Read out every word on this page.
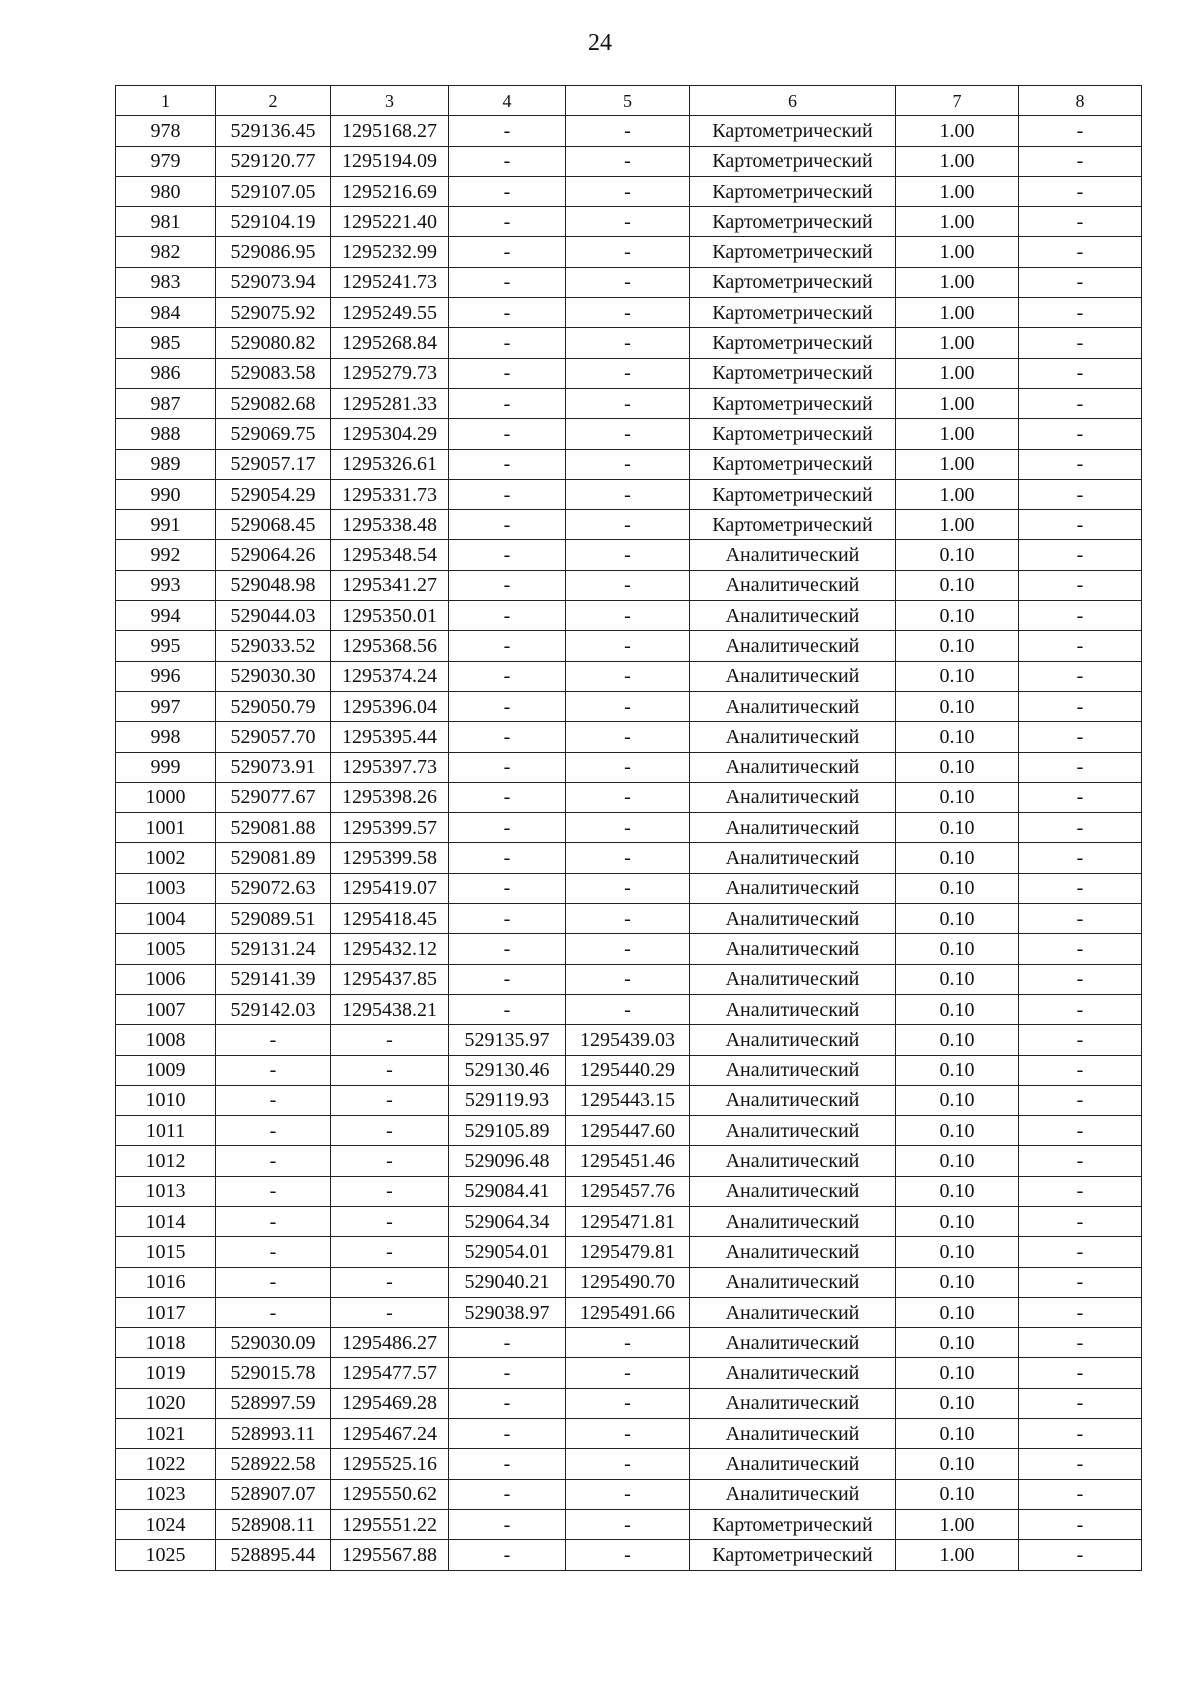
24
1	2	3	4	5	6	7	8
978	529136.45	1295168.27	-	-	Картометрический	1.00	-
979	529120.77	1295194.09	-	-	Картометрический	1.00	-
980	529107.05	1295216.69	-	-	Картометрический	1.00	-
981	529104.19	1295221.40	-	-	Картометрический	1.00	-
982	529086.95	1295232.99	-	-	Картометрический	1.00	-
983	529073.94	1295241.73	-	-	Картометрический	1.00	-
984	529075.92	1295249.55	-	-	Картометрический	1.00	-
985	529080.82	1295268.84	-	-	Картометрический	1.00	-
986	529083.58	1295279.73	-	-	Картометрический	1.00	-
987	529082.68	1295281.33	-	-	Картометрический	1.00	-
988	529069.75	1295304.29	-	-	Картометрический	1.00	-
989	529057.17	1295326.61	-	-	Картометрический	1.00	-
990	529054.29	1295331.73	-	-	Картометрический	1.00	-
991	529068.45	1295338.48	-	-	Картометрический	1.00	-
992	529064.26	1295348.54	-	-	Аналитический	0.10	-
993	529048.98	1295341.27	-	-	Аналитический	0.10	-
994	529044.03	1295350.01	-	-	Аналитический	0.10	-
995	529033.52	1295368.56	-	-	Аналитический	0.10	-
996	529030.30	1295374.24	-	-	Аналитический	0.10	-
997	529050.79	1295396.04	-	-	Аналитический	0.10	-
998	529057.70	1295395.44	-	-	Аналитический	0.10	-
999	529073.91	1295397.73	-	-	Аналитический	0.10	-
1000	529077.67	1295398.26	-	-	Аналитический	0.10	-
1001	529081.88	1295399.57	-	-	Аналитический	0.10	-
1002	529081.89	1295399.58	-	-	Аналитический	0.10	-
1003	529072.63	1295419.07	-	-	Аналитический	0.10	-
1004	529089.51	1295418.45	-	-	Аналитический	0.10	-
1005	529131.24	1295432.12	-	-	Аналитический	0.10	-
1006	529141.39	1295437.85	-	-	Аналитический	0.10	-
1007	529142.03	1295438.21	-	-	Аналитический	0.10	-
1008	-	-	529135.97	1295439.03	Аналитический	0.10	-
1009	-	-	529130.46	1295440.29	Аналитический	0.10	-
1010	-	-	529119.93	1295443.15	Аналитический	0.10	-
1011	-	-	529105.89	1295447.60	Аналитический	0.10	-
1012	-	-	529096.48	1295451.46	Аналитический	0.10	-
1013	-	-	529084.41	1295457.76	Аналитический	0.10	-
1014	-	-	529064.34	1295471.81	Аналитический	0.10	-
1015	-	-	529054.01	1295479.81	Аналитический	0.10	-
1016	-	-	529040.21	1295490.70	Аналитический	0.10	-
1017	-	-	529038.97	1295491.66	Аналитический	0.10	-
1018	529030.09	1295486.27	-	-	Аналитический	0.10	-
1019	529015.78	1295477.57	-	-	Аналитический	0.10	-
1020	528997.59	1295469.28	-	-	Аналитический	0.10	-
1021	528993.11	1295467.24	-	-	Аналитический	0.10	-
1022	528922.58	1295525.16	-	-	Аналитический	0.10	-
1023	528907.07	1295550.62	-	-	Аналитический	0.10	-
1024	528908.11	1295551.22	-	-	Картометрический	1.00	-
1025	528895.44	1295567.88	-	-	Картометрический	1.00	-
